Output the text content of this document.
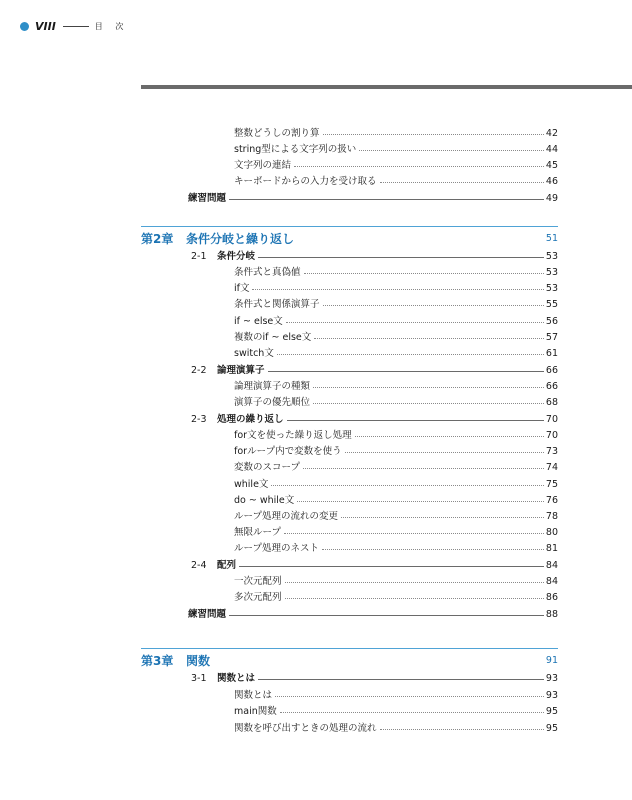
VIII	目 次
整数どうしの割り算	42
string型による文字列の扱い	44
文字列の連結	45
キーボードからの入力を受け取る	46
練習問題	49
第2章	条件分岐と繰り返し	51
2-1 条件分岐	53
条件式と真偽値	53
if文	53
条件式と関係演算子	55
if ~ else文	56
複数のif ~ else文	57
switch文	61
2-2 論理演算子	66
論理演算子の種類	66
演算子の優先順位	68
2-3 処理の繰り返し	70
for文を使った繰り返し処理	70
forループ内で変数を使う	73
変数のスコープ	74
while文	75
do ~ while文	76
ループ処理の流れの変更	78
無限ループ	80
ループ処理のネスト	81
2-4 配列	84
一次元配列	84
多次元配列	86
練習問題	88
第3章	関数	91
3-1 関数とは	93
関数とは	93
main関数	95
関数を呼び出すときの処理の流れ	95
